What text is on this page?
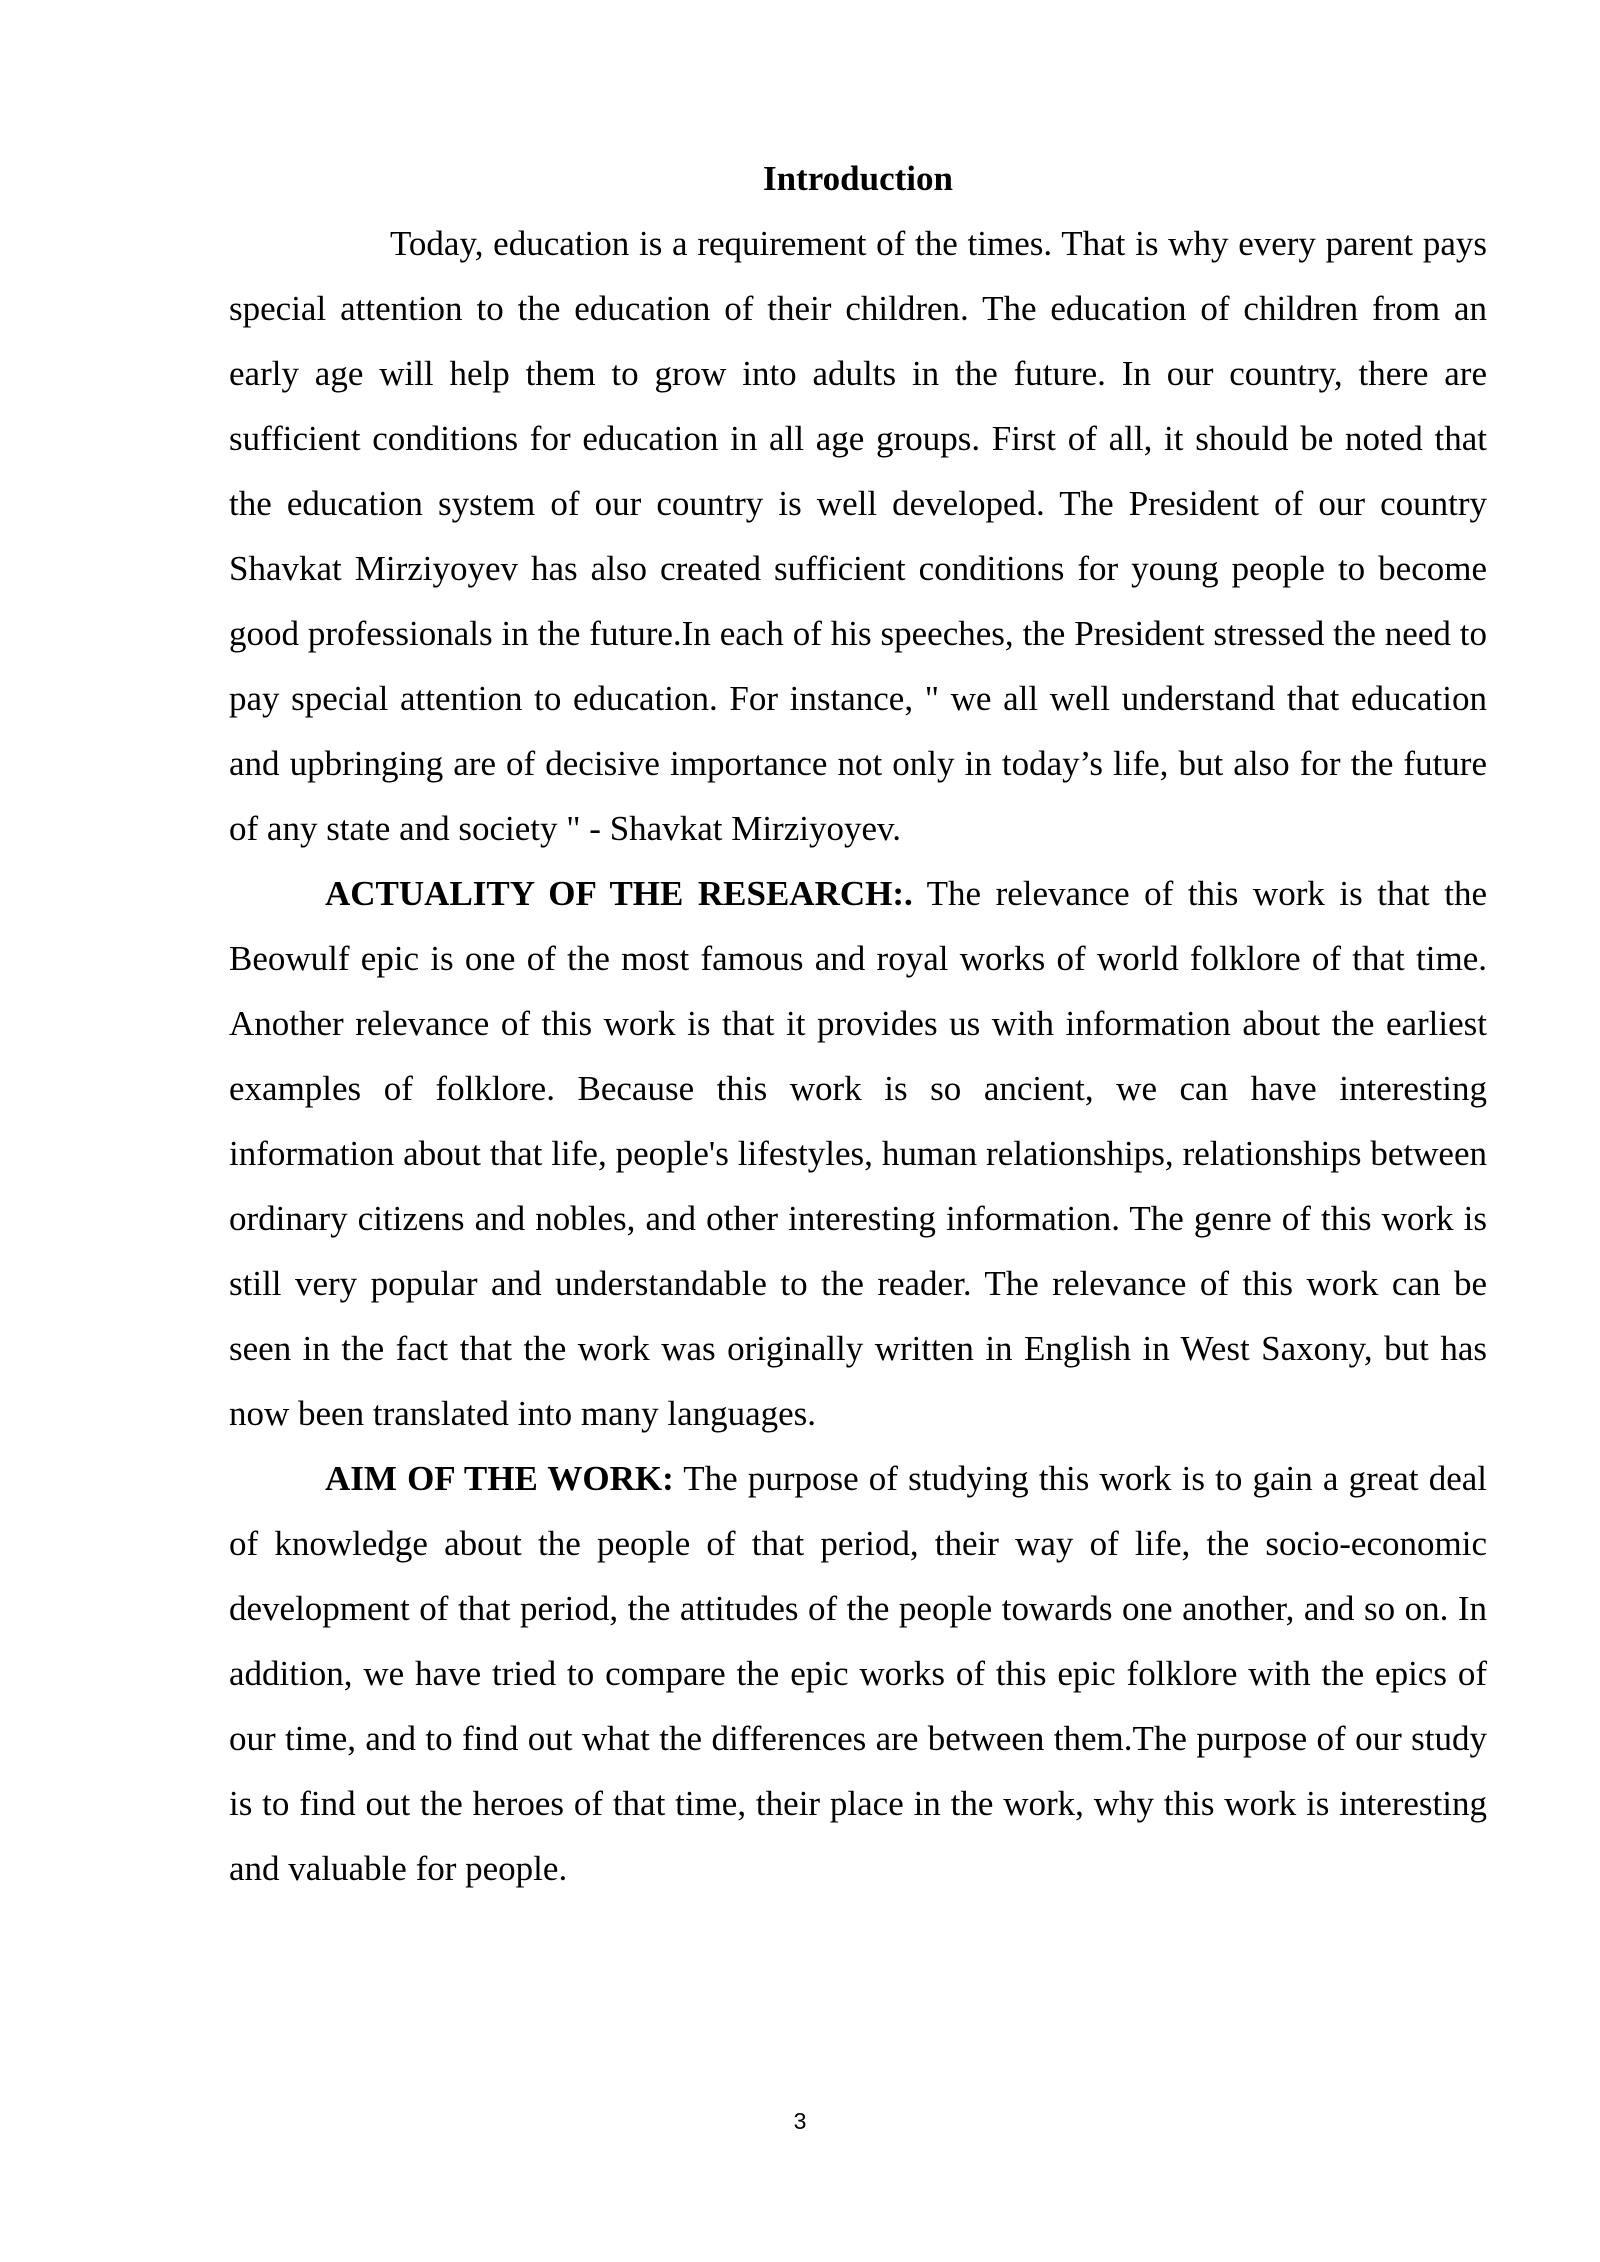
Introduction

Today, education is a requirement of the times. That is why every parent pays special attention to the education of their children. The education of children from an early age will help them to grow into adults in the future. In our country, there are sufficient conditions for education in all age groups. First of all, it should be noted that the education system of our country is well developed. The President of our country Shavkat Mirziyoyev has also created sufficient conditions for young people to become good professionals in the future.In each of his speeches, the President stressed the need to pay special attention to education. For instance, " we all well understand that education and upbringing are of decisive importance not only in today’s life, but also for the future of any state and society " - Shavkat Mirziyoyev.

ACTUALITY OF THE RESEARCH:. The relevance of this work is that the Beowulf epic is one of the most famous and royal works of world folklore of that time. Another relevance of this work is that it provides us with information about the earliest examples of folklore. Because this work is so ancient, we can have interesting information about that life, people's lifestyles, human relationships, relationships between ordinary citizens and nobles, and other interesting information. The genre of this work is still very popular and understandable to the reader. The relevance of this work can be seen in the fact that the work was originally written in English in West Saxony, but has now been translated into many languages.

AIM OF THE WORK: The purpose of studying this work is to gain a great deal of knowledge about the people of that period, their way of life, the socio-economic development of that period, the attitudes of the people towards one another, and so on. In addition, we have tried to compare the epic works of this epic folklore with the epics of our time, and to find out what the differences are between them.The purpose of our study is to find out the heroes of that time, their place in the work, why this work is interesting and valuable for people.

3
